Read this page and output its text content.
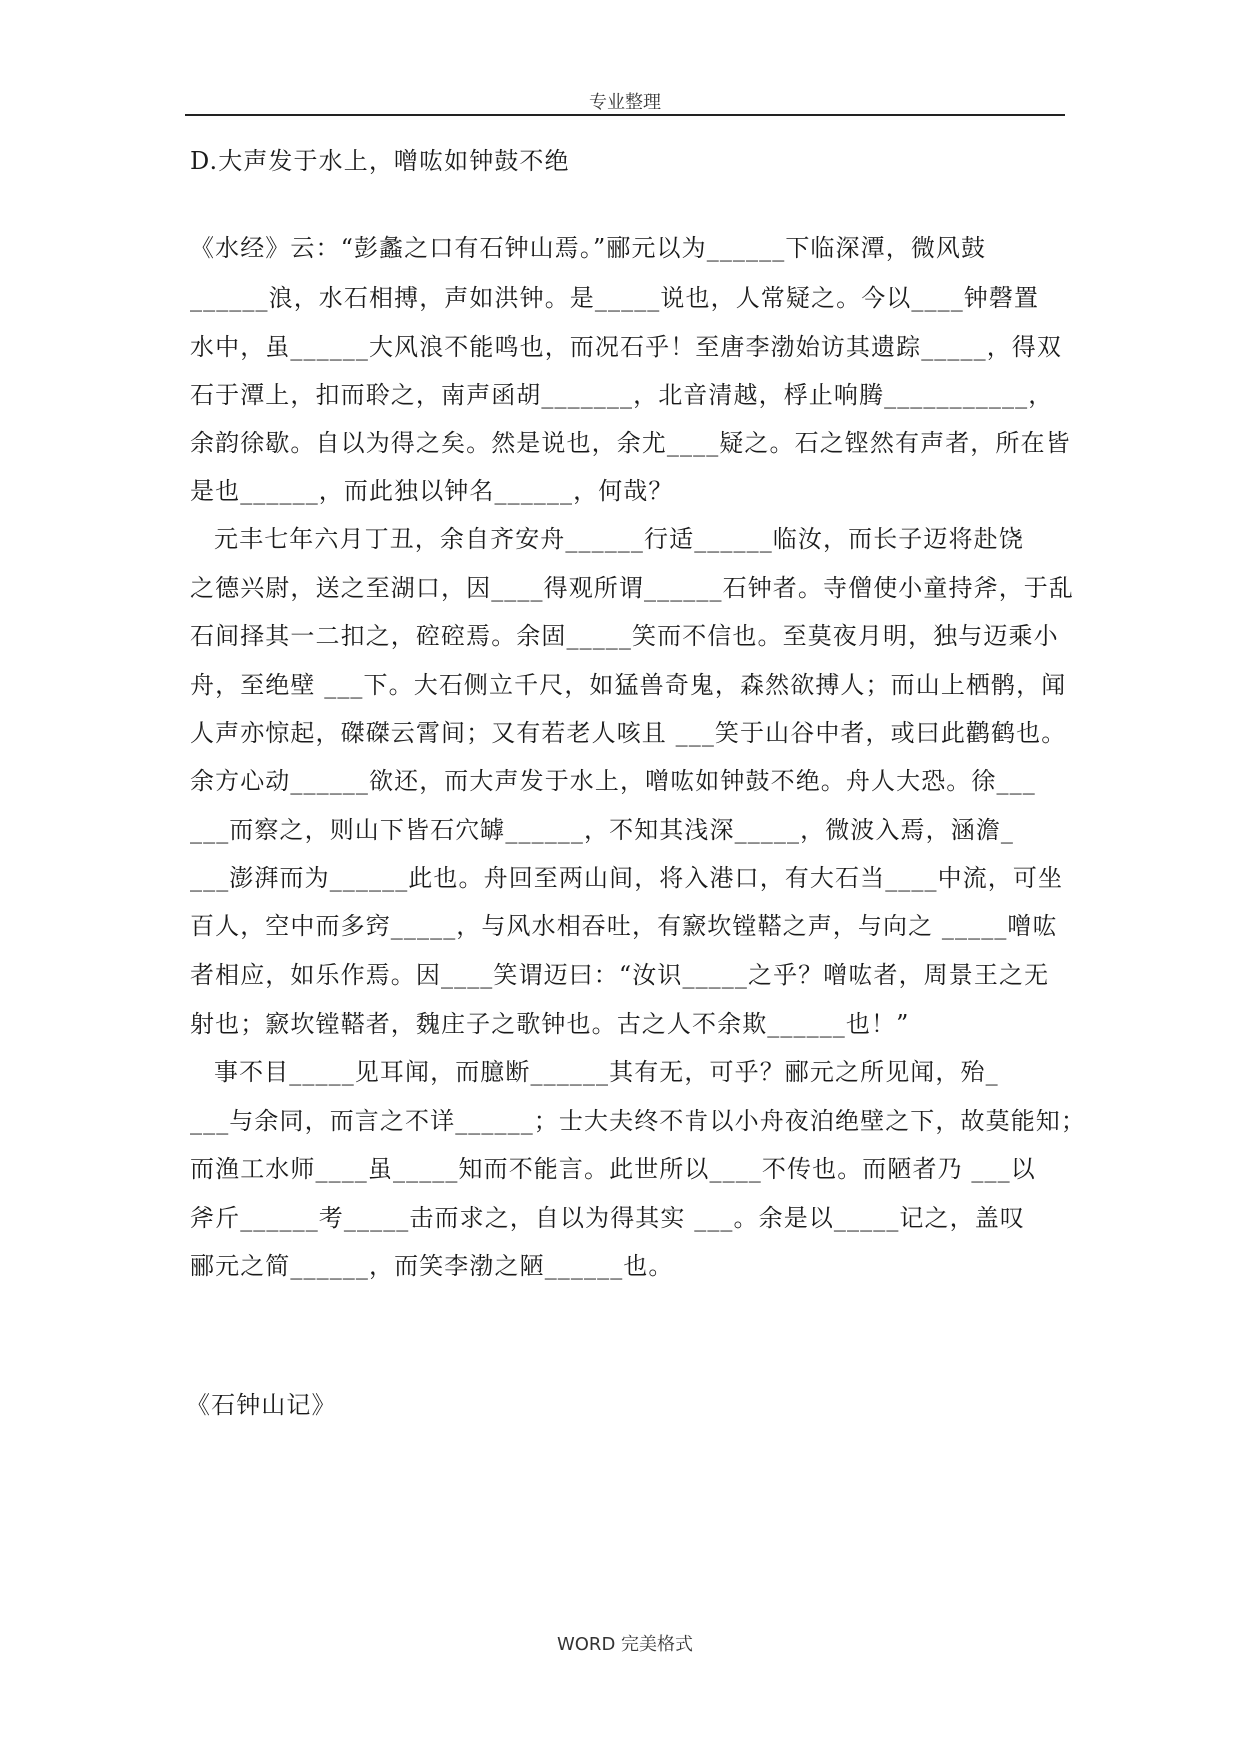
专业整理
D.大声发于水上，噌吰如钟鼓不绝
《水经》云：“彭蠡之口有石钟山焉。”郦元以为______下临深潭，微风鼓
______浪，水石相搏，声如洪钟。是_____说也，人常疑之。今以____钟磬置
水中，虽______大风浪不能鸣也，而况石乎！至唐李渤始访其遗踪_____，得双
石于潭上，扣而聆之，南声函胡_______，北音清越，桴止响腾___________，
余韵徐歇。自以为得之矣。然是说也，余尤____疑之。石之铿然有声者，所在皆
是也______，而此独以钟名______，何哉？
元丰七年六月丁丑，余自齐安舟______行适______临汝，而长子迈将赴饶
之德兴尉，送之至湖口，因____得观所谓______石钟者。寺僧使小童持斧，于乱
石间择其一二扣之，硿硿焉。余固_____笑而不信也。至莫夜月明，独与迈乘小
舟，至绝壁 ___下。大石侧立千尺，如猛兽奇鬼，森然欲搏人；而山上栖鹘，闻
人声亦惊起，磔磔云霄间；又有若老人咳且 ___笑于山谷中者，或曰此鹳鹤也。
余方心动______欲还，而大声发于水上，噌吰如钟鼓不绝。舟人大恐。徐___
___而察之，则山下皆石穴罅______，不知其浅深_____，微波入焉，涵澹_
___澎湃而为______此也。舟回至两山间，将入港口，有大石当____中流，可坐
百人，空中而多窍_____，与风水相吞吐，有窾坎镗鞳之声，与向之 _____噌吰
者相应，如乐作焉。因____笑谓迈曰：“汝识_____之乎？噌吰者，周景王之无
射也；窾坎镗鞳者，魏庄子之歌钟也。古之人不余欺______也！”
事不目_____见耳闻，而臆断______其有无，可乎？郦元之所见闻，殆_
___与余同，而言之不详______；士大夫终不肯以小舟夜泊绝壁之下，故莫能知；
而渔工水师____虽_____知而不能言。此世所以____不传也。而陋者乃 ___以
斧斤______考_____击而求之，自以为得其实 ___。余是以_____记之，盖叹
郦元之简______，而笑李渤之陋______也。
《石钟山记》
WORD 完美格式
